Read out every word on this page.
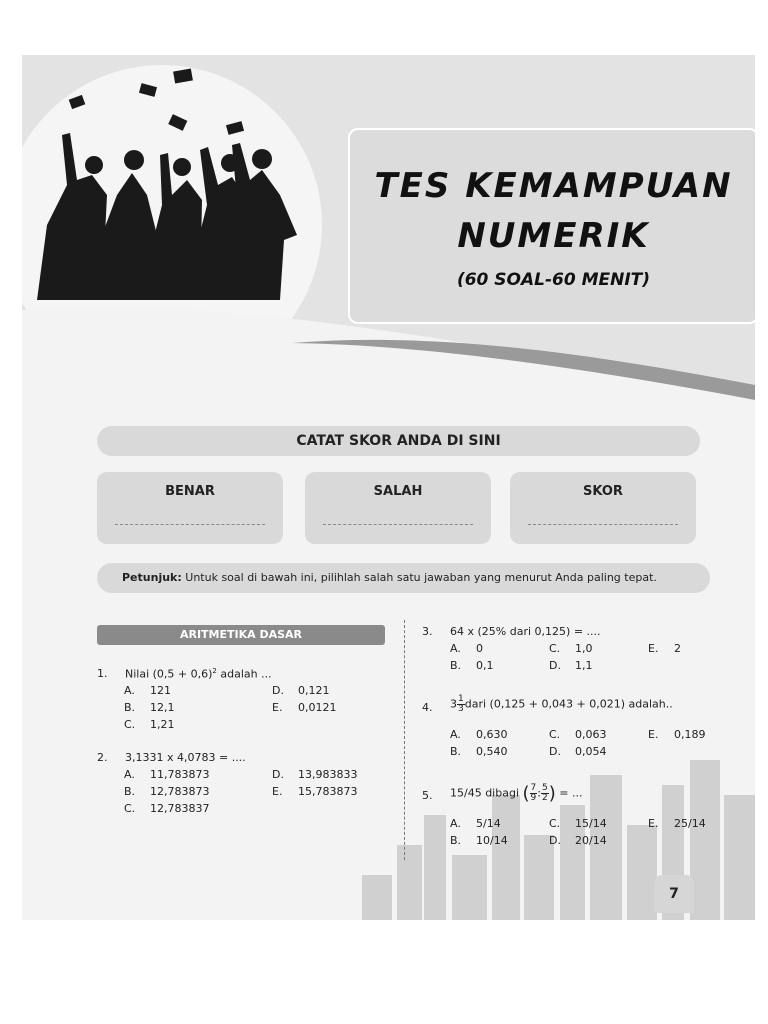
TES KEMAMPUAN
NUMERIK
(60 SOAL-60 MENIT)
CATAT SKOR ANDA DI SINI
BENAR	SALAH	SKOR
Petunjuk: Untuk soal di bawah ini, pilihlah salah satu jawaban yang menurut Anda paling tepat.
ARITMETIKA DASAR
1. Nilai $(0,5 + 0,6)^2$ adalah ...
A. 121
B. 12,1
C. 1,21
D. 0,121
E. 0,0121
2. 3,1331 x 4,0783 = ....
A. 11,783873
B. 12,783873
C. 12,783837
D. 13,983833
E. 15,783873
3. 64 x (25% dari 0,125) = ....
A. 0
B. 0,1
C. 1,0
D. 1,1
E. 2
4. $3 \frac{1}{3}$ dari (0,125 + 0,043 + 0,021) adalah..
A. 0,630
B. 0,540
C. 0,063
D. 0,054
E. 0,189
5. 15/45 dibagi ( $\frac{7}{9}$ : $\frac{5}{2}$ ) = ...
A. 5/14
B. 10/14
C. 15/14
D. 20/14
E. 25/14
7
